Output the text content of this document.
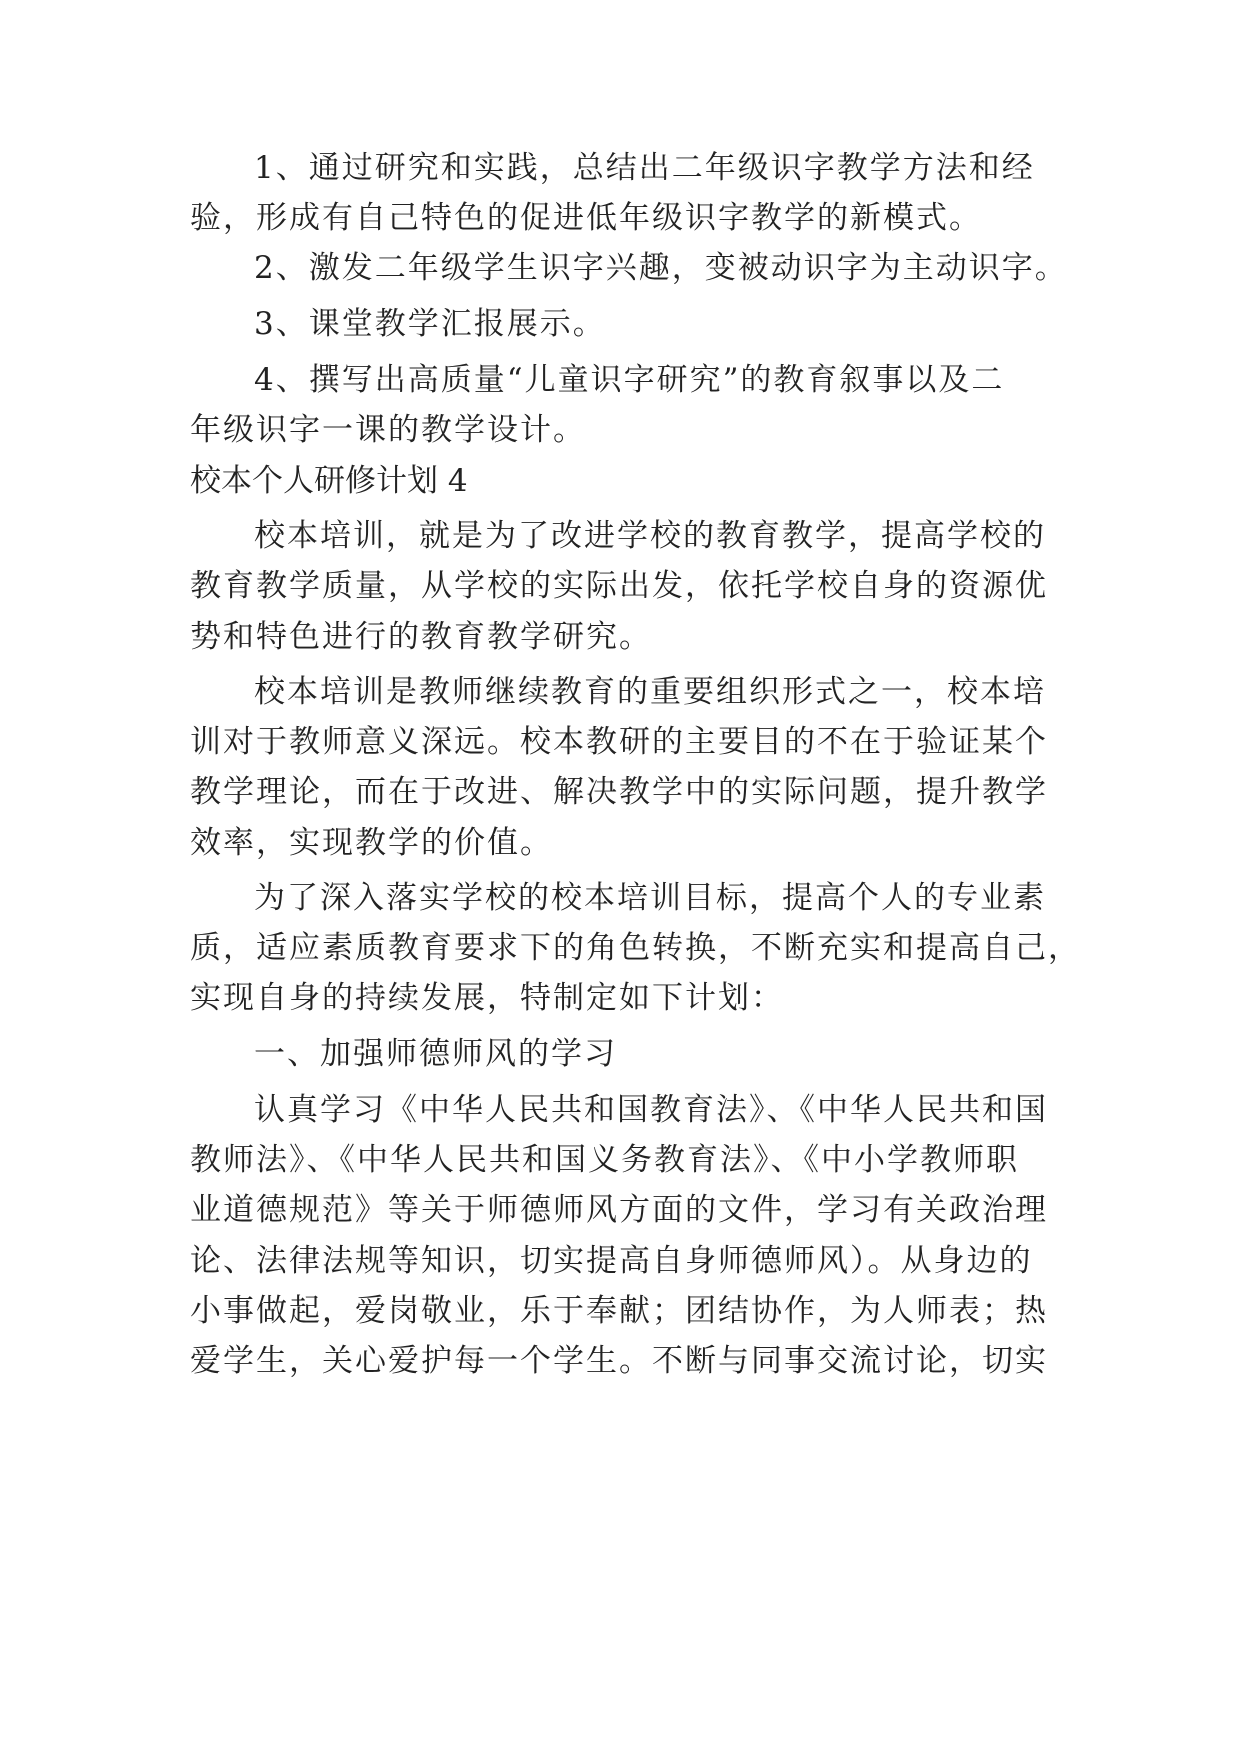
1、通过研究和实践，总结出二年级识字教学方法和经
验，形成有自己特色的促进低年级识字教学的新模式。
2、激发二年级学生识字兴趣，变被动识字为主动识字。
3、课堂教学汇报展示。
4、撰写出高质量“儿童识字研究”的教育叙事以及二
年级识字一课的教学设计。
校本个人研修计划 4
校本培训，就是为了改进学校的教育教学，提高学校的
教育教学质量，从学校的实际出发，依托学校自身的资源优
势和特色进行的教育教学研究。
校本培训是教师继续教育的重要组织形式之一，校本培
训对于教师意义深远。校本教研的主要目的不在于验证某个
教学理论，而在于改进、解决教学中的实际问题，提升教学
效率，实现教学的价值。
为了深入落实学校的校本培训目标，提高个人的专业素
质，适应素质教育要求下的角色转换，不断充实和提高自己，
实现自身的持续发展，特制定如下计划：
一、加强师德师风的学习
认真学习《中华人民共和国教育法》、《中华人民共和国
教师法》、《中华人民共和国义务教育法》、《中小学教师职
业道德规范》等关于师德师风方面的文件，学习有关政治理
论、法律法规等知识，切实提高自身师德师风）。从身边的
小事做起，爱岗敬业，乐于奉献；团结协作，为人师表；热
爱学生，关心爱护每一个学生。不断与同事交流讨论，切实
